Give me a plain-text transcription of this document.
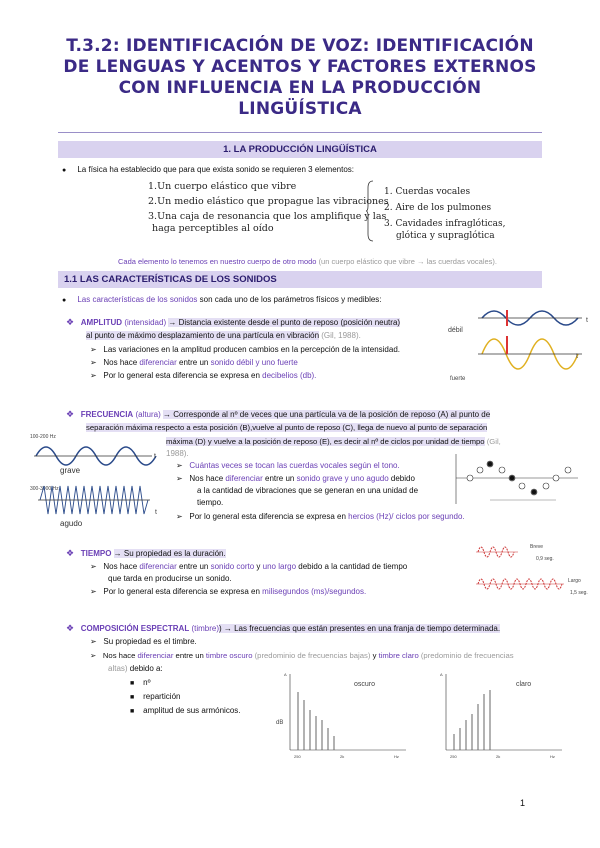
T.3.2: IDENTIFICACIÓN DE VOZ: IDENTIFICACIÓN
DE LENGUAS Y ACENTOS Y FACTORES EXTERNOS
CON INFLUENCIA EN LA PRODUCCIÓN
LINGÜÍSTICA
1. LA PRODUCCIÓN LINGÜÍSTICA
● La física ha establecido que para que exista sonido se requieren 3 elementos:
1.Un cuerpo elástico que vibre
2.Un medio elástico que propague las vibraciones
3.Una caja de resonancia que los amplifique y las
haga perceptibles al oído
1. Cuerdas vocales
2. Aire de los pulmones
3. Cavidades infraglóticas,
glótica y supraglótica
Cada elemento lo tenemos en nuestro cuerpo de otro modo (un cuerpo elástico que vibre → las cuerdas vocales).
1.1 LAS CARACTERÍSTICAS DE LOS SONIDOS
● Las características de los sonidos son cada uno de los parámetros físicos y medibles:
❖ AMPLITUD (intensidad) → Distancia existente desde el punto de reposo (posición neutra)
al punto de máximo desplazamiento de una partícula en vibración (Gil, 1988).
➢ Las variaciones en la amplitud producen cambios en la percepción de la intensidad.
➢ Nos hace diferenciar entre un sonido débil y uno fuerte
➢ Por lo general esta diferencia se expresa en decibelios (db).
débil
t
t
fuerte
❖ FRECUENCIA (altura) → Corresponde al nº de veces que una partícula va de la posición de reposo (A) al punto de
separación máxima respecto a esta posición (B),vuelve al punto de reposo (C), llega de nuevo al punto de separación
máxima (D) y vuelve a la posición de reposo (E), es decir al nº de ciclos por unidad de tiempo (Gil,
1988).
➢ Cuántas veces se tocan las cuerdas vocales según el tono.
➢ Nos hace diferenciar entre un sonido grave y uno agudo debido
a la cantidad de vibraciones que se generan en una unidad de
tiempo.
➢ Por lo general esta diferencia se expresa en hercios (Hz)/ ciclos por segundo.
100-200 Hz
t
grave
300-3000 Hz
t
agudo
❖ TIEMPO → Su propiedad es la duración.
➢ Nos hace diferenciar entre un sonido corto y uno largo debido a la cantidad de tiempo
que tarda en producirse un sonido.
➢ Por lo general esta diferencia se expresa en milisegundos (ms)/segundos.
Breve
0,9 seg.
Largo
1,5 seg.
❖ COMPOSICIÓN ESPECTRAL (timbre)) → Las frecuencias que están presentes en una franja de tiempo determinada.
➢ Su propiedad es el timbre.
➢ Nos hace diferenciar entre un timbre oscuro (predominio de frecuencias bajas) y timbre claro (predominio de frecuencias
altas) debido a:
■ nº
■ repartición
■ amplitud de sus armónicos.
A
oscuro
dB
250	2k	Hz
A
claro
250	2k	Hz
1
